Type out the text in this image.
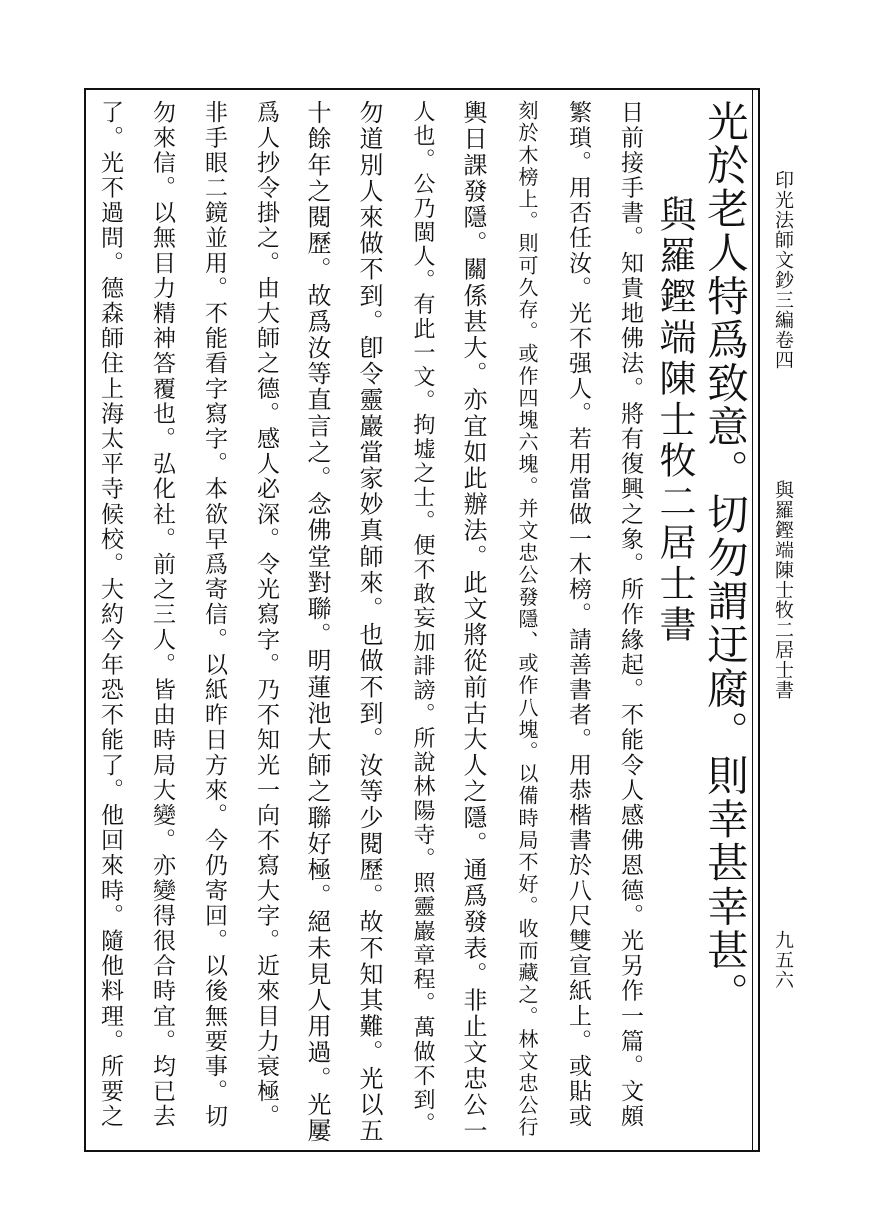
印光法師文鈔三編卷四
與羅鏗端陳士牧二居士書
九五六
光於老人特爲致意。切勿謂迂腐。則幸甚幸甚。
與羅鏗端陳士牧二居士書
日前接手書。知貴地佛法。將有復興之象。所作緣起。不能令人感佛恩德。光另作一篇。文頗
繁瑣。用否任汝。光不强人。若用當做一木榜。請善書者。用恭楷書於八尺雙宣紙上。或貼或
刻於木榜上。則可久存。或作四塊六塊。并文忠公發隱、或作八塊。以備時局不好。收而藏之。林文忠公行
輿日課發隱。關係甚大。亦宜如此辦法。此文將從前古大人之隱。通爲發表。非止文忠公一
人也。公乃閩人。有此一文。拘墟之士。便不敢妄加誹謗。所說林陽寺。照靈巖章程。萬做不到。
勿道別人來做不到。卽令靈巖當家妙真師來。也做不到。汝等少閱歷。故不知其難。光以五
十餘年之閱歷。故爲汝等直言之。念佛堂對聯。明蓮池大師之聯好極。絕未見人用過。光屢
爲人抄令掛之。由大師之德。感人必深。令光寫字。乃不知光一向不寫大字。近來目力衰極。
非手眼二鏡並用。不能看字寫字。本欲早爲寄信。以紙昨日方來。今仍寄回。以後無要事。切
勿來信。以無目力精神答覆也。弘化社。前之三人。皆由時局大變。亦變得很合時宜。均已去
了。光不過問。德森師住上海太平寺候校。大約今年恐不能了。他回來時。隨他料理。所要之
